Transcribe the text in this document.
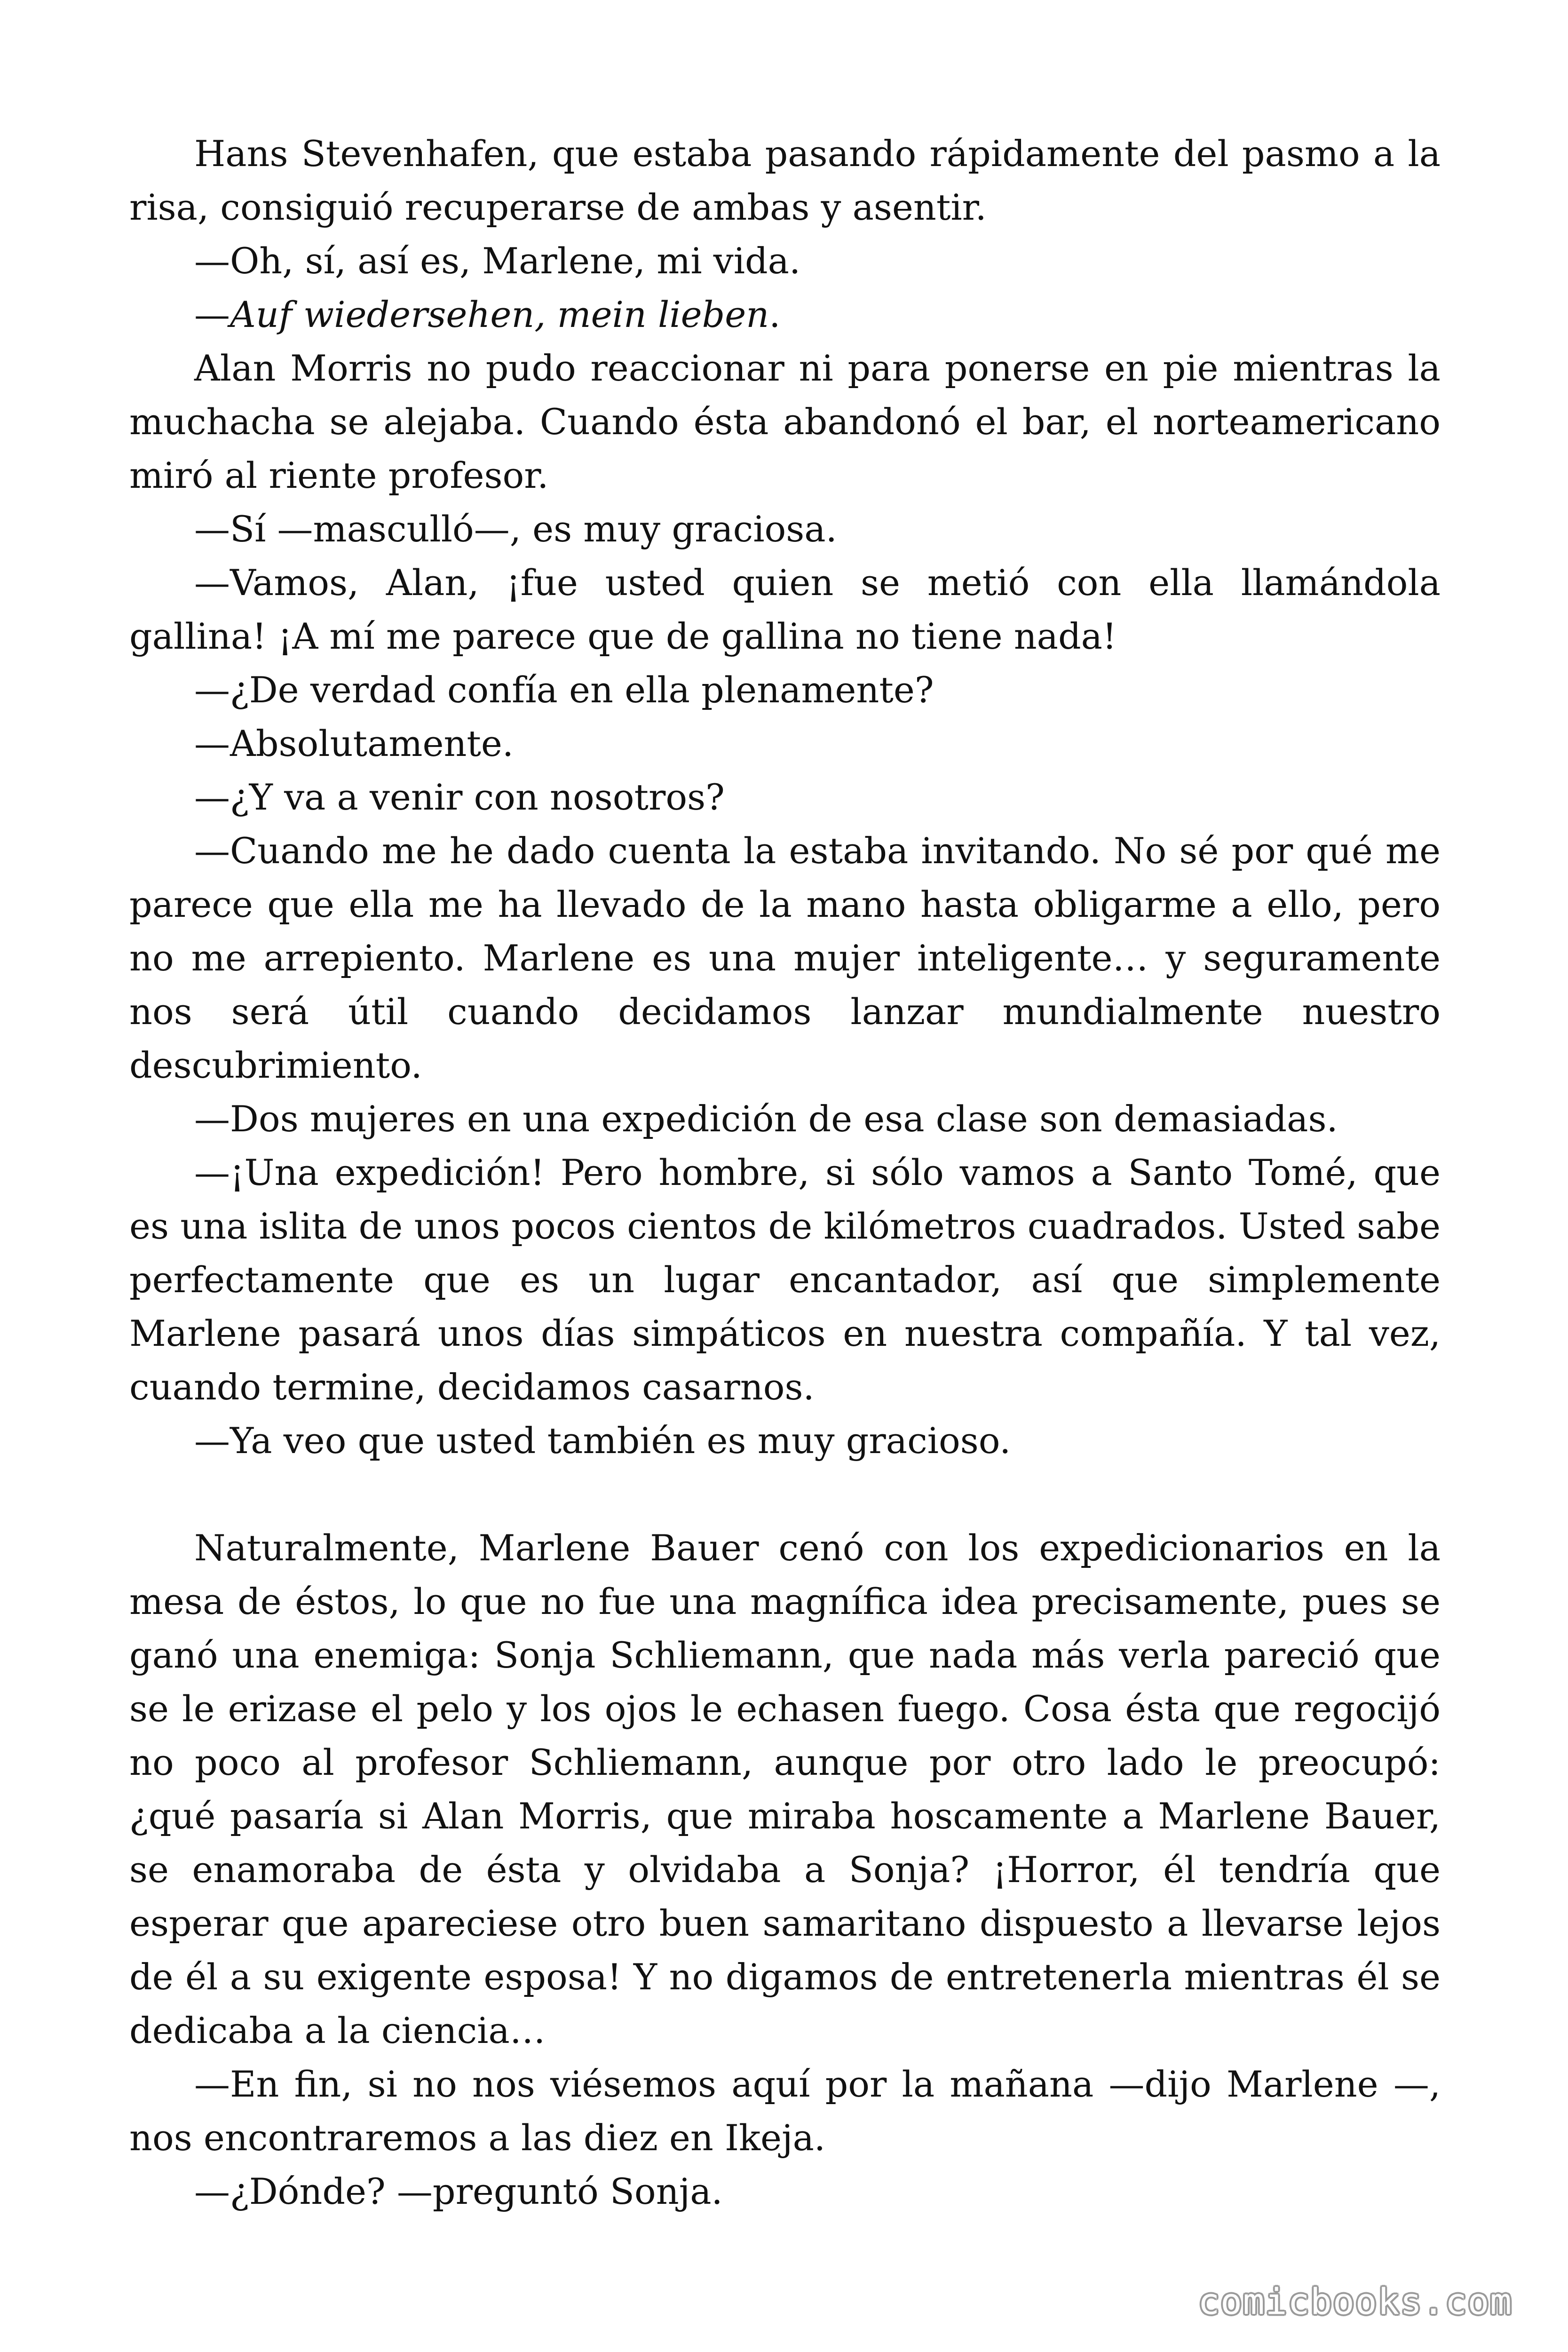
Hans Stevenhafen, que estaba pasando rápidamente del pasmo a la risa, consiguió recuperarse de ambas y asentir.

—Oh, sí, así es, Marlene, mi vida.

—Auf wiedersehen, mein lieben.

Alan Morris no pudo reaccionar ni para ponerse en pie mientras la muchacha se alejaba. Cuando ésta abandonó el bar, el norteamericano miró al riente profesor.

—Sí —masculló—, es muy graciosa.

—Vamos, Alan, ¡fue usted quien se metió con ella llamándola gallina! ¡A mí me parece que de gallina no tiene nada!

—¿De verdad confía en ella plenamente?

—Absolutamente.

—¿Y va a venir con nosotros?

—Cuando me he dado cuenta la estaba invitando. No sé por qué me parece que ella me ha llevado de la mano hasta obligarme a ello, pero no me arrepiento. Marlene es una mujer inteligente… y seguramente nos será útil cuando decidamos lanzar mundialmente nuestro descubrimiento.

—Dos mujeres en una expedición de esa clase son demasiadas.

—¡Una expedición! Pero hombre, si sólo vamos a Santo Tomé, que es una islita de unos pocos cientos de kilómetros cuadrados. Usted sabe perfectamente que es un lugar encantador, así que simplemente Marlene pasará unos días simpáticos en nuestra compañía. Y tal vez, cuando termine, decidamos casarnos.

—Ya veo que usted también es muy gracioso.

Naturalmente, Marlene Bauer cenó con los expedicionarios en la mesa de éstos, lo que no fue una magnífica idea precisamente, pues se ganó una enemiga: Sonja Schliemann, que nada más verla pareció que se le erizase el pelo y los ojos le echasen fuego. Cosa ésta que regocijó no poco al profesor Schliemann, aunque por otro lado le preocupó: ¿qué pasaría si Alan Morris, que miraba hoscamente a Marlene Bauer, se enamoraba de ésta y olvidaba a Sonja? ¡Horror, él tendría que esperar que apareciese otro buen samaritano dispuesto a llevarse lejos de él a su exigente esposa! Y no digamos de entretenerla mientras él se dedicaba a la ciencia…

—En fin, si no nos viésemos aquí por la mañana —dijo Marlene —, nos encontraremos a las diez en Ikeja.

—¿Dónde? —preguntó Sonja.

comicbooks.com
